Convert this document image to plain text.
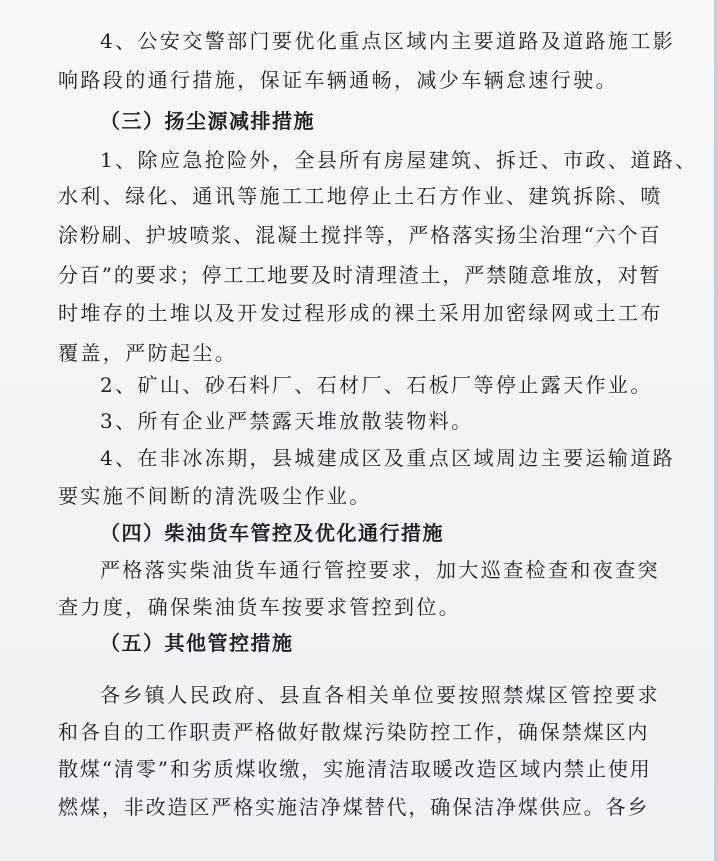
4、公安交警部门要优化重点区域内主要道路及道路施工影
响路段的通行措施，保证车辆通畅，减少车辆怠速行驶。
（三）扬尘源减排措施
1、除应急抢险外，全县所有房屋建筑、拆迁、市政、道路、
水利、绿化、通讯等施工工地停止土石方作业、建筑拆除、喷
涂粉刷、护坡喷浆、混凝土搅拌等，严格落实扬尘治理“六个百
分百”的要求；停工工地要及时清理渣土，严禁随意堆放，对暂
时堆存的土堆以及开发过程形成的裸土采用加密绿网或土工布
覆盖，严防起尘。
2、矿山、砂石料厂、石材厂、石板厂等停止露天作业。
3、所有企业严禁露天堆放散装物料。
4、在非冰冻期，县城建成区及重点区域周边主要运输道路
要实施不间断的清洗吸尘作业。
（四）柴油货车管控及优化通行措施
严格落实柴油货车通行管控要求，加大巡查检查和夜查突
查力度，确保柴油货车按要求管控到位。
（五）其他管控措施
各乡镇人民政府、县直各相关单位要按照禁煤区管控要求
和各自的工作职责严格做好散煤污染防控工作，确保禁煤区内
散煤“清零”和劣质煤收缴，实施清洁取暖改造区域内禁止使用
燃煤，非改造区严格实施洁净煤替代，确保洁净煤供应。各乡
